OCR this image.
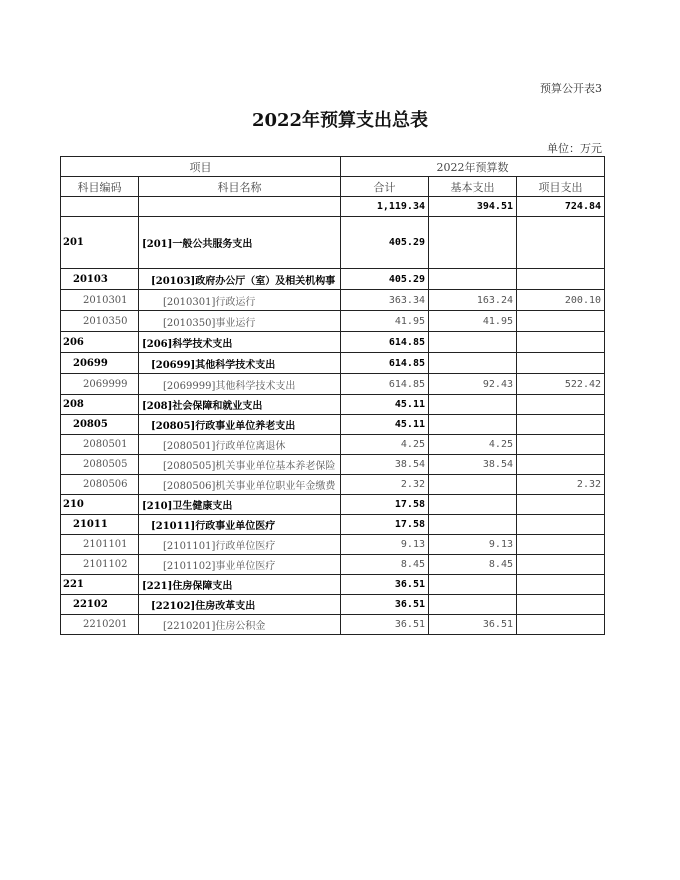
预算公开表3
2022年预算支出总表
单位：万元
项目		2022年预算数		
科目编码	科目名称	合计	基本支出	项目支出
		1,119.34	394.51	724.84
201	[201]一般公共服务支出	405.29		
20103	[20103]政府办公厅（室）及相关机构事	405.29		
2010301	[2010301]行政运行	363.34	163.24	200.10
2010350	[2010350]事业运行	41.95	41.95	
206	[206]科学技术支出	614.85		
20699	[20699]其他科学技术支出	614.85		
2069999	[2069999]其他科学技术支出	614.85	92.43	522.42
208	[208]社会保障和就业支出	45.11		
20805	[20805]行政事业单位养老支出	45.11		
2080501	[2080501]行政单位离退休	4.25	4.25	
2080505	[2080505]机关事业单位基本养老保险	38.54	38.54	
2080506	[2080506]机关事业单位职业年金缴费	2.32		2.32
210	[210]卫生健康支出	17.58		
21011	[21011]行政事业单位医疗	17.58		
2101101	[2101101]行政单位医疗	9.13	9.13	
2101102	[2101102]事业单位医疗	8.45	8.45	
221	[221]住房保障支出	36.51		
22102	[22102]住房改革支出	36.51		
2210201	[2210201]住房公积金	36.51	36.51	
